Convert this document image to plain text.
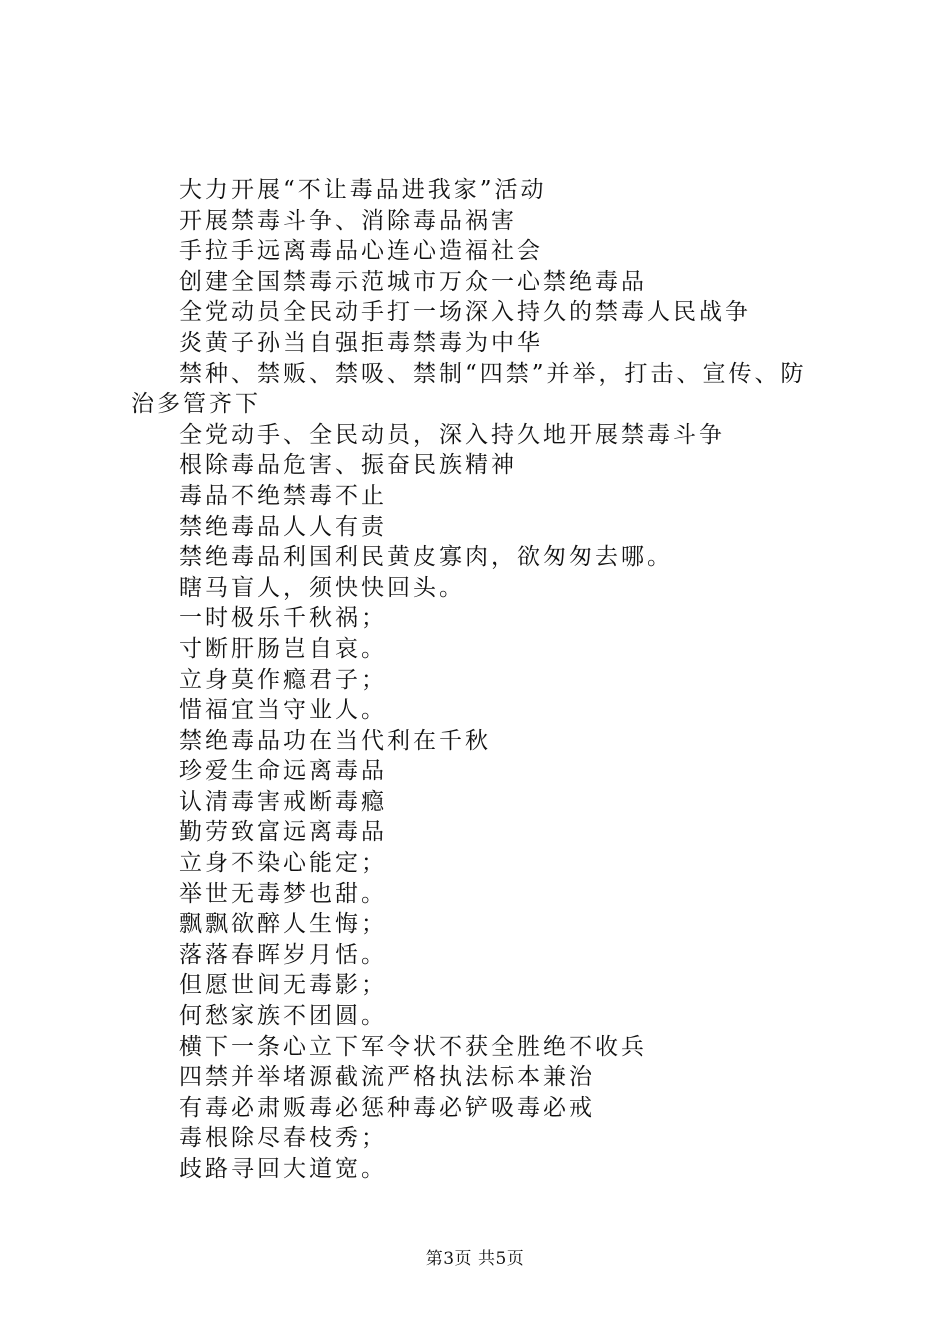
大力开展“不让毒品进我家”活动

开展禁毒斗争、消除毒品祸害

手拉手远离毒品心连心造福社会

创建全国禁毒示范城市万众一心禁绝毒品

全党动员全民动手打一场深入持久的禁毒人民战争

炎黄子孙当自强拒毒禁毒为中华

禁种、禁贩、禁吸、禁制“四禁”并举，打击、宣传、防治多管齐下

全党动手、全民动员，深入持久地开展禁毒斗争

根除毒品危害、振奋民族精神

毒品不绝禁毒不止

禁绝毒品人人有责

禁绝毒品利国利民黄皮寡肉，欲匆匆去哪。

瞎马盲人，须快快回头。

一时极乐千秋祸；

寸断肝肠岂自哀。

立身莫作瘾君子；

惜福宜当守业人。

禁绝毒品功在当代利在千秋

珍爱生命远离毒品

认清毒害戒断毒瘾

勤劳致富远离毒品

立身不染心能定；

举世无毒梦也甜。

飘飘欲醉人生悔；

落落春晖岁月恬。

但愿世间无毒影；

何愁家族不团圆。

横下一条心立下军令状不获全胜绝不收兵

四禁并举堵源截流严格执法标本兼治

有毒必肃贩毒必惩种毒必铲吸毒必戒

毒根除尽春枝秀；

歧路寻回大道宽。

第3页 共5页
